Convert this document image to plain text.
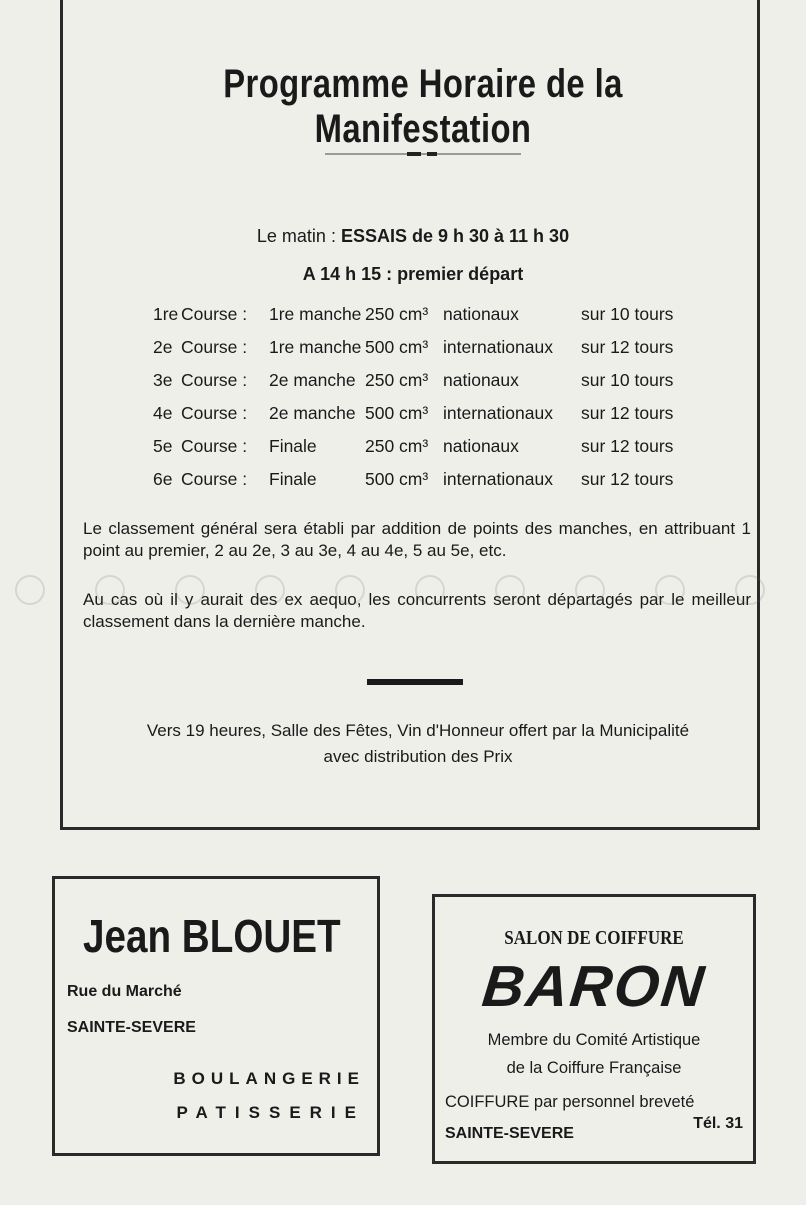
Programme Horaire de la Manifestation
Le matin : ESSAIS de 9 h 30 à 11 h 30
A 14 h 15 : premier départ
1re Course : 1re manche 250 cm³ nationaux	sur 10 tours
2e Course : 1re manche 500 cm³ internationaux sur 12 tours
3e Course : 2e manche 250 cm³ nationaux	sur 10 tours
4e Course : 2e manche 500 cm³ internationaux sur 12 tours
5e Course : Finale	250 cm³ nationaux	sur 12 tours
6e Course : Finale	500 cm³ internationaux sur 12 tours
Le classement général sera établi par addition de points des manches, en attribuant 1 point au premier, 2 au 2e, 3 au 3e, 4 au 4e, 5 au 5e, etc.
Au cas où il y aurait des ex aequo, les concurrents seront départagés par le meilleur classement dans la dernière manche.
Vers 19 heures, Salle des Fêtes, Vin d'Honneur offert par la Municipalité
avec distribution des Prix
Jean BLOUET
Rue du Marché
SAINTE-SEVERE
BOULANGERIE
PATISSERIE
SALON DE COIFFURE
BARON
Membre du Comité Artistique
de la Coiffure Française
COIFFURE par personnel breveté
SAINTE-SEVERE
Tél. 31
